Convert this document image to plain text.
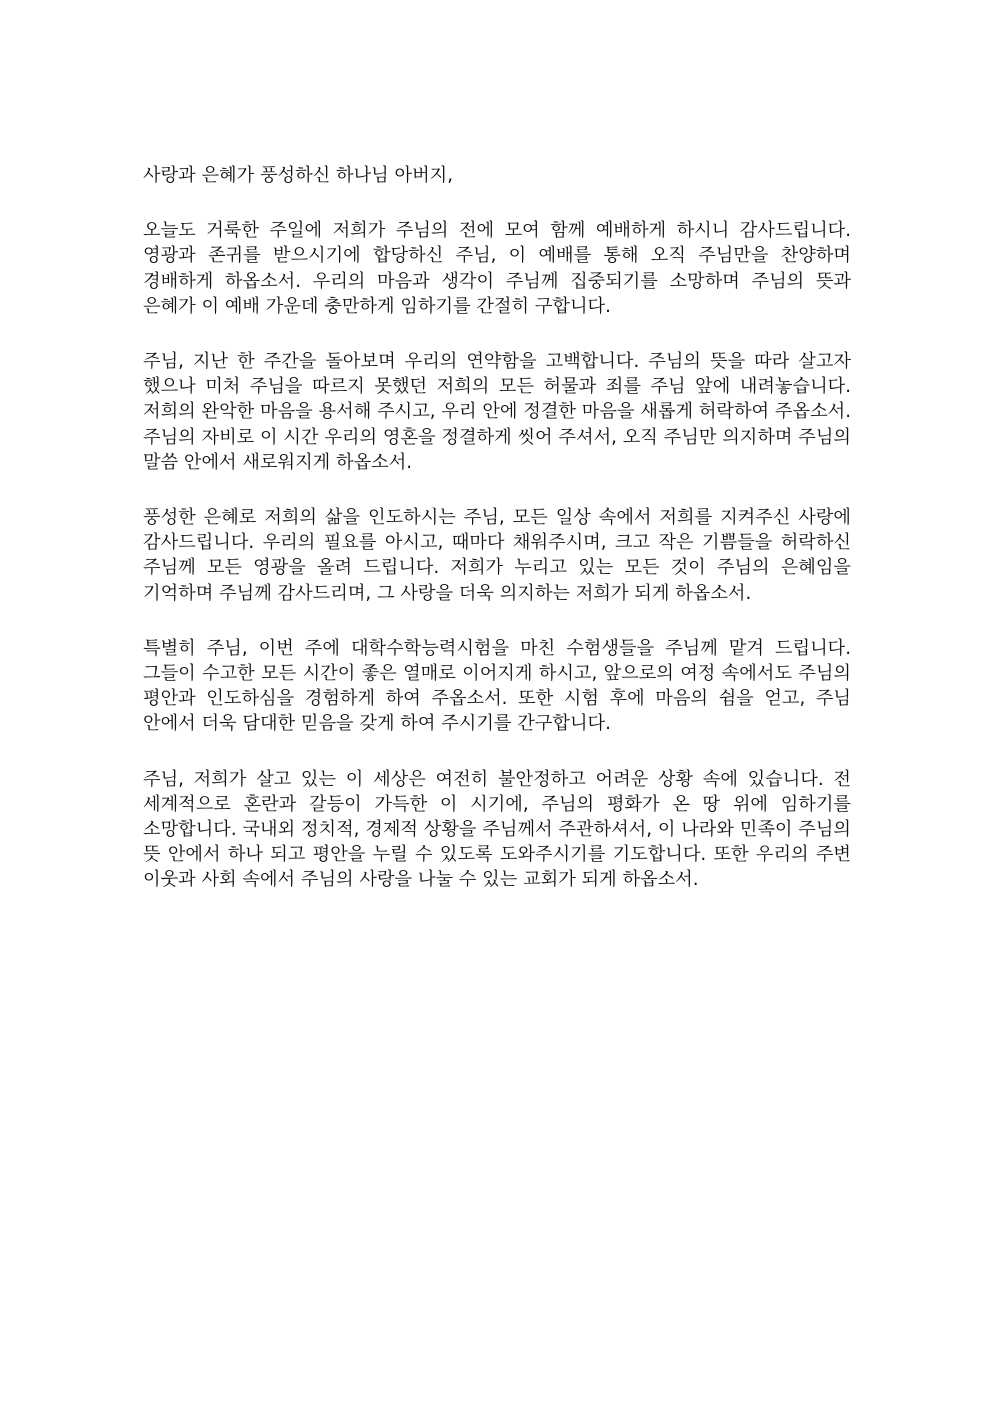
사랑과 은혜가 풍성하신 하나님 아버지,

오늘도 거룩한 주일에 저희가 주님의 전에 모여 함께 예배하게 하시니 감사드립니다. 영광과 존귀를 받으시기에 합당하신 주님, 이 예배를 통해 오직 주님만을 찬양하며 경배하게 하옵소서. 우리의 마음과 생각이 주님께 집중되기를 소망하며 주님의 뜻과 은혜가 이 예배 가운데 충만하게 임하기를 간절히 구합니다.

주님, 지난 한 주간을 돌아보며 우리의 연약함을 고백합니다. 주님의 뜻을 따라 살고자 했으나 미처 주님을 따르지 못했던 저희의 모든 허물과 죄를 주님 앞에 내려놓습니다. 저희의 완악한 마음을 용서해 주시고, 우리 안에 정결한 마음을 새롭게 허락하여 주옵소서. 주님의 자비로 이 시간 우리의 영혼을 정결하게 씻어 주셔서, 오직 주님만 의지하며 주님의 말씀 안에서 새로워지게 하옵소서.

풍성한 은혜로 저희의 삶을 인도하시는 주님, 모든 일상 속에서 저희를 지켜주신 사랑에 감사드립니다. 우리의 필요를 아시고, 때마다 채워주시며, 크고 작은 기쁨들을 허락하신 주님께 모든 영광을 올려 드립니다. 저희가 누리고 있는 모든 것이 주님의 은혜임을 기억하며 주님께 감사드리며, 그 사랑을 더욱 의지하는 저희가 되게 하옵소서.

특별히 주님, 이번 주에 대학수학능력시험을 마친 수험생들을 주님께 맡겨 드립니다. 그들이 수고한 모든 시간이 좋은 열매로 이어지게 하시고, 앞으로의 여정 속에서도 주님의 평안과 인도하심을 경험하게 하여 주옵소서. 또한 시험 후에 마음의 쉼을 얻고, 주님 안에서 더욱 담대한 믿음을 갖게 하여 주시기를 간구합니다.

주님, 저희가 살고 있는 이 세상은 여전히 불안정하고 어려운 상황 속에 있습니다. 전 세계적으로 혼란과 갈등이 가득한 이 시기에, 주님의 평화가 온 땅 위에 임하기를 소망합니다. 국내외 정치적, 경제적 상황을 주님께서 주관하셔서, 이 나라와 민족이 주님의 뜻 안에서 하나 되고 평안을 누릴 수 있도록 도와주시기를 기도합니다. 또한 우리의 주변 이웃과 사회 속에서 주님의 사랑을 나눌 수 있는 교회가 되게 하옵소서.
